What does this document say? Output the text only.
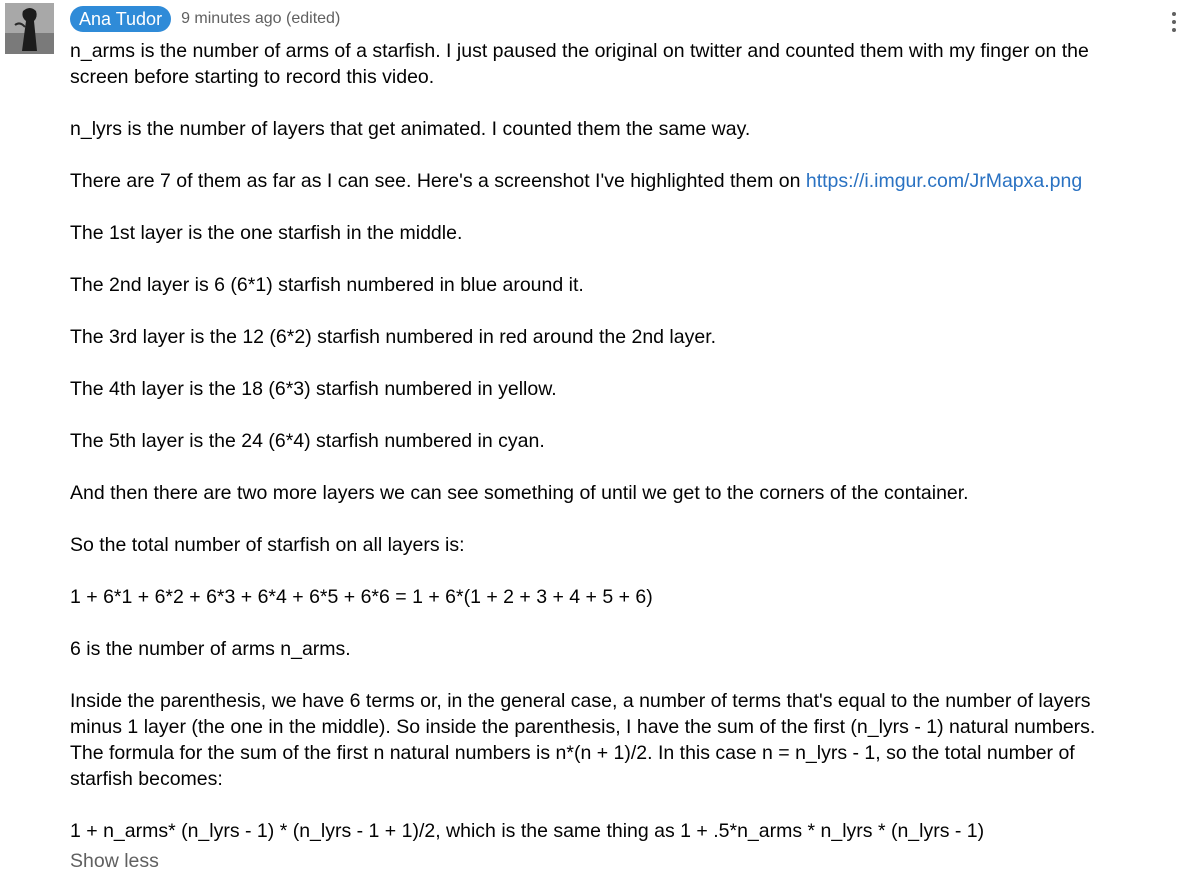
Ana Tudor	9 minutes ago (edited)

n_arms is the number of arms of a starfish. I just paused the original on twitter and counted them with my finger on the
screen before starting to record this video.

n_lyrs is the number of layers that get animated. I counted them the same way.

There are 7 of them as far as I can see. Here's a screenshot I've highlighted them on https://i.imgur.com/JrMapxa.png

The 1st layer is the one starfish in the middle.

The 2nd layer is 6 (6*1) starfish numbered in blue around it.

The 3rd layer is the 12 (6*2) starfish numbered in red around the 2nd layer.

The 4th layer is the 18 (6*3) starfish numbered in yellow.

The 5th layer is the 24 (6*4) starfish numbered in cyan.

And then there are two more layers we can see something of until we get to the corners of the container.

So the total number of starfish on all layers is:

1 + 6*1 + 6*2 + 6*3 + 6*4 + 6*5 + 6*6 = 1 + 6*(1 + 2 + 3 + 4 + 5 + 6)

6 is the number of arms n_arms.

Inside the parenthesis, we have 6 terms or, in the general case, a number of terms that's equal to the number of layers
minus 1 layer (the one in the middle). So inside the parenthesis, I have the sum of the first (n_lyrs - 1) natural numbers.
The formula for the sum of the first n natural numbers is n*(n + 1)/2. In this case n = n_lyrs - 1, so the total number of
starfish becomes:

1 + n_arms* (n_lyrs - 1) * (n_lyrs - 1 + 1)/2, which is the same thing as 1 + .5*n_arms * n_lyrs * (n_lyrs - 1)

Show less
